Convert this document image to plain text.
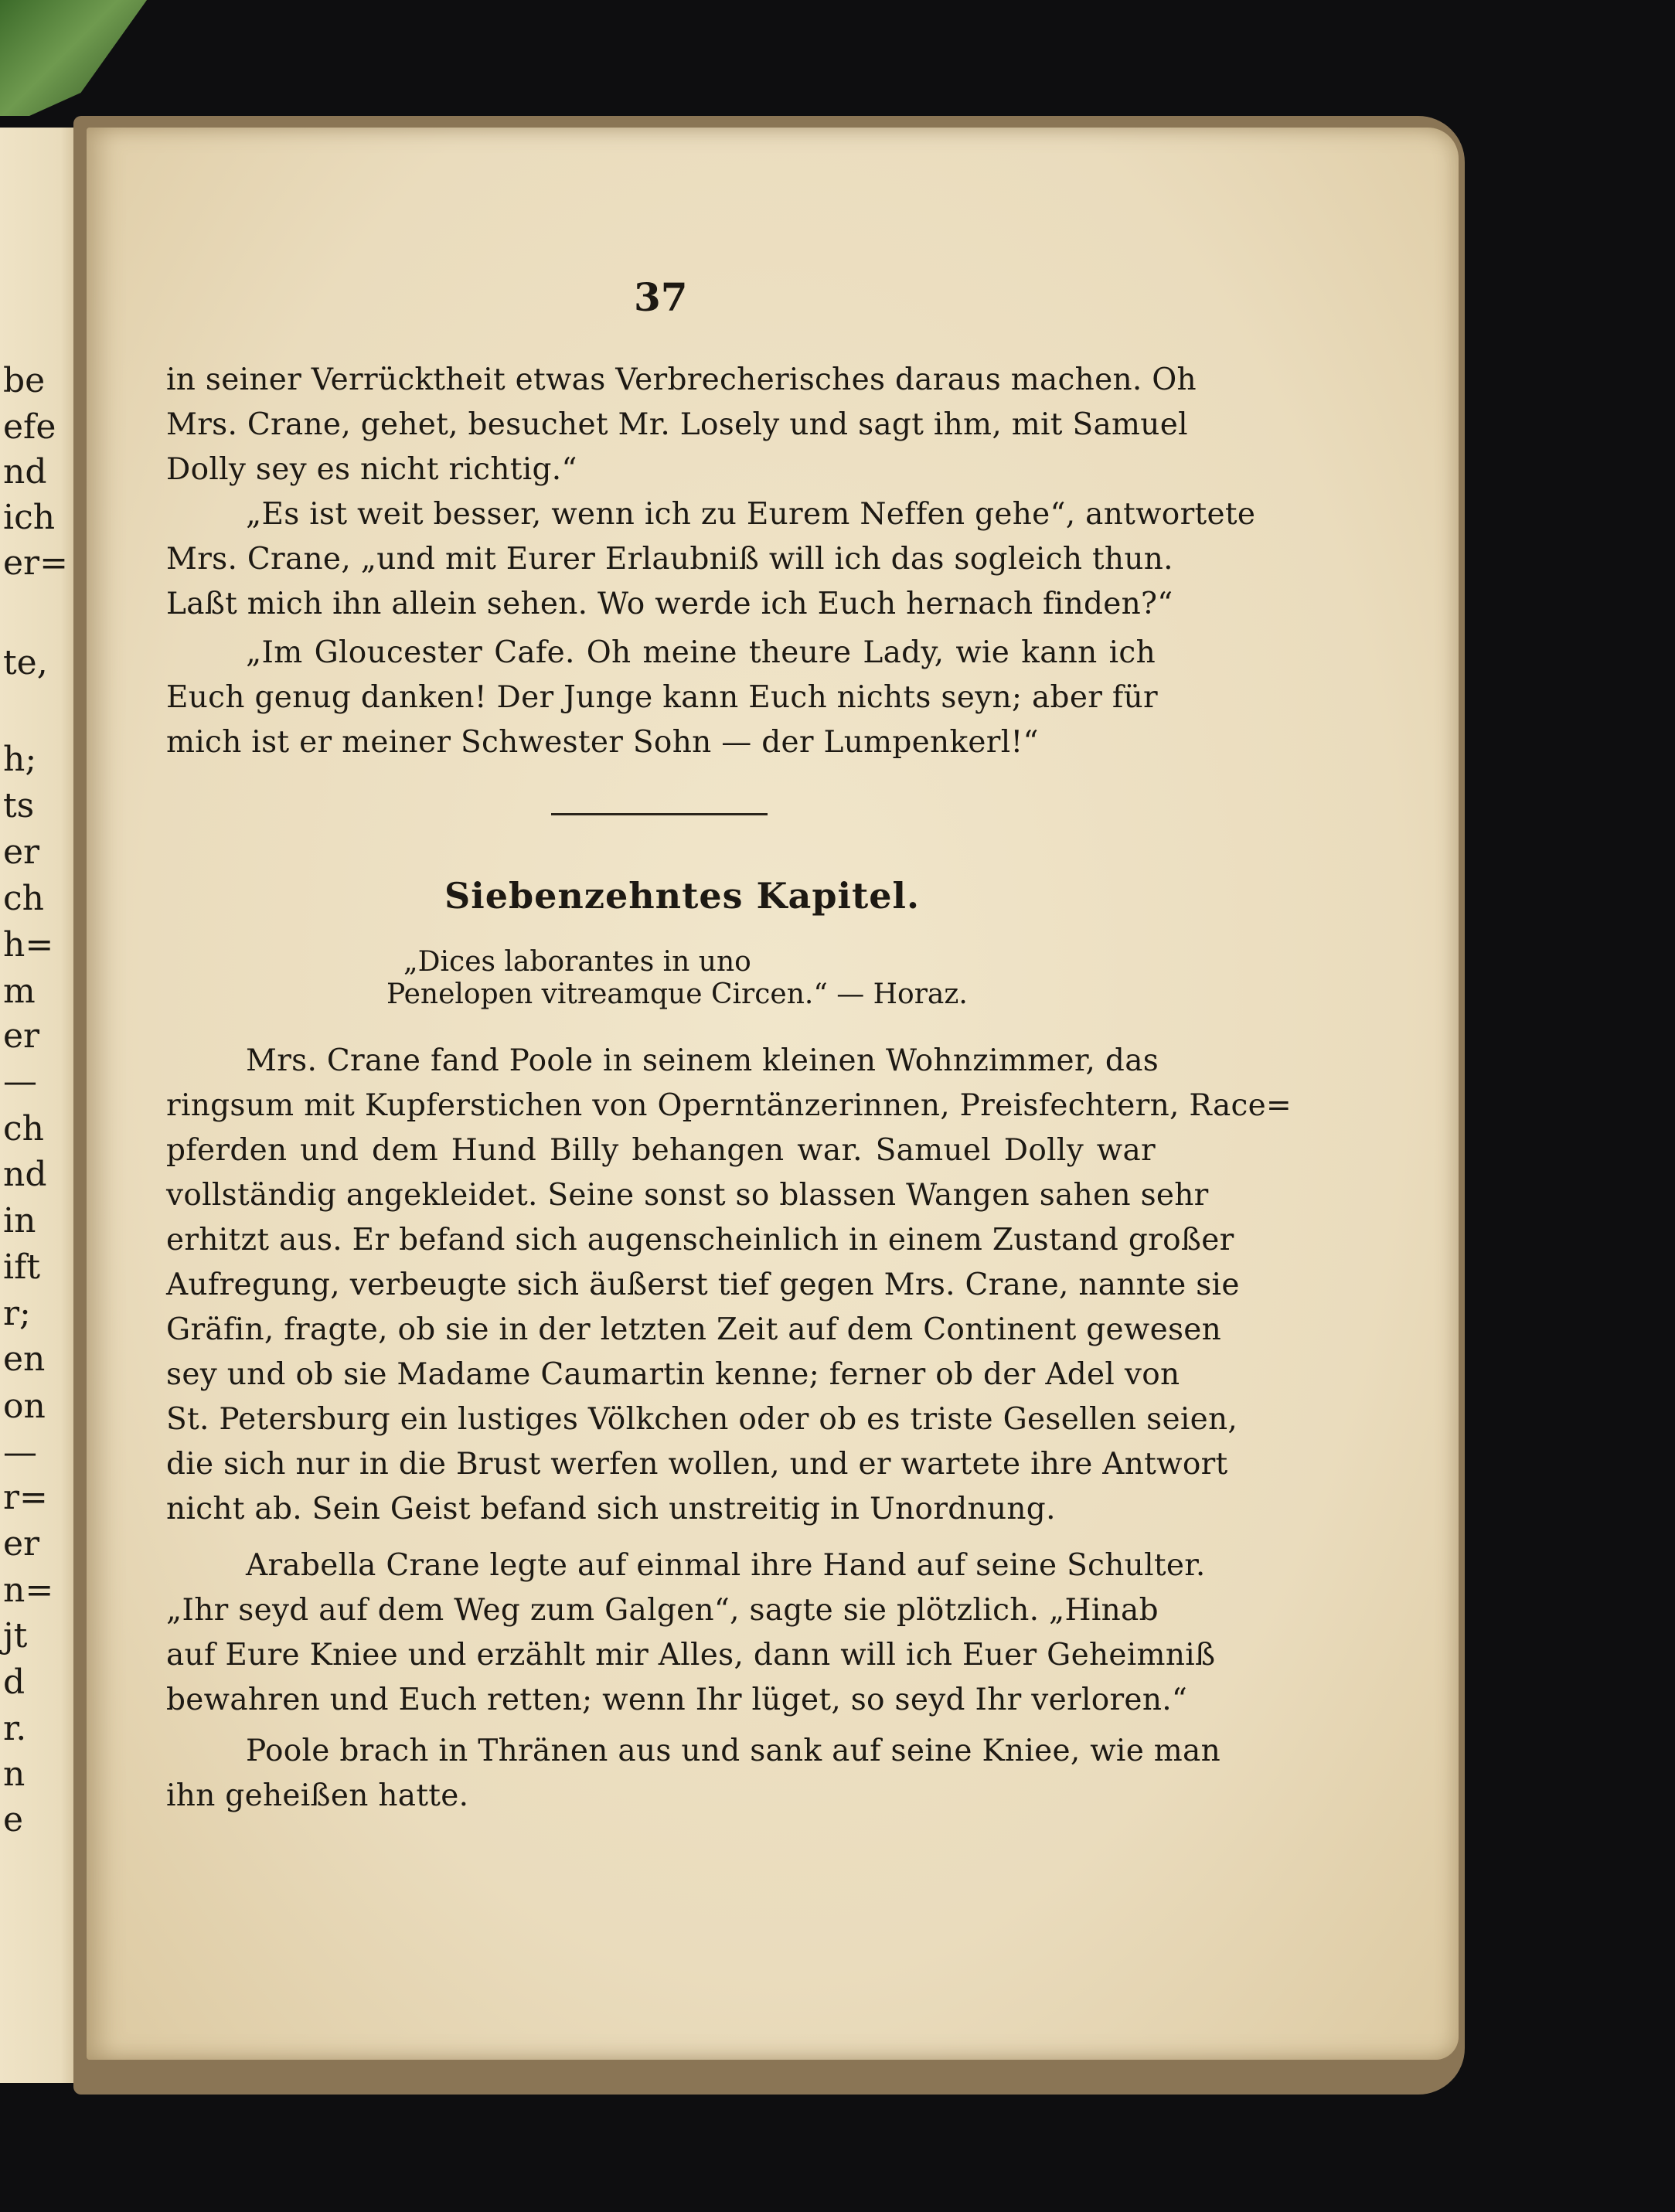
be
efe
nd
ich
er=
te,
h;
ts
er
ch
h=
m
er
—
ch
nd
in
ift
r;
en
on
—
r=
er
n=
jt
d
r.
n
e
37
in seiner Verrücktheit etwas Verbrecherisches daraus machen. Oh
Mrs. Crane, gehet, besuchet Mr. Losely und sagt ihm, mit Samuel
Dolly sey es nicht richtig.“
„Es ist weit besser, wenn ich zu Eurem Neffen gehe“, antwortete
Mrs. Crane, „und mit Eurer Erlaubniß will ich das sogleich thun.
Laßt mich ihn allein sehen. Wo werde ich Euch hernach finden?“
„Im Gloucester Cafe. Oh meine theure Lady, wie kann ich
Euch genug danken! Der Junge kann Euch nichts seyn; aber für
mich ist er meiner Schwester Sohn — der Lumpenkerl!“
Siebenzehntes Kapitel.
„Dices laborantes in uno
Penelopen vitreamque Circen.“ — Horaz.
Mrs. Crane fand Poole in seinem kleinen Wohnzimmer, das
ringsum mit Kupferstichen von Operntänzerinnen, Preisfechtern, Race=
pferden und dem Hund Billy behangen war. Samuel Dolly war
vollständig angekleidet. Seine sonst so blassen Wangen sahen sehr
erhitzt aus. Er befand sich augenscheinlich in einem Zustand großer
Aufregung, verbeugte sich äußerst tief gegen Mrs. Crane, nannte sie
Gräfin, fragte, ob sie in der letzten Zeit auf dem Continent gewesen
sey und ob sie Madame Caumartin kenne; ferner ob der Adel von
St. Petersburg ein lustiges Völkchen oder ob es triste Gesellen seien,
die sich nur in die Brust werfen wollen, und er wartete ihre Antwort
nicht ab. Sein Geist befand sich unstreitig in Unordnung.
Arabella Crane legte auf einmal ihre Hand auf seine Schulter.
„Ihr seyd auf dem Weg zum Galgen“, sagte sie plötzlich. „Hinab
auf Eure Kniee und erzählt mir Alles, dann will ich Euer Geheimniß
bewahren und Euch retten; wenn Ihr lüget, so seyd Ihr verloren.“
Poole brach in Thränen aus und sank auf seine Kniee, wie man
ihn geheißen hatte.
